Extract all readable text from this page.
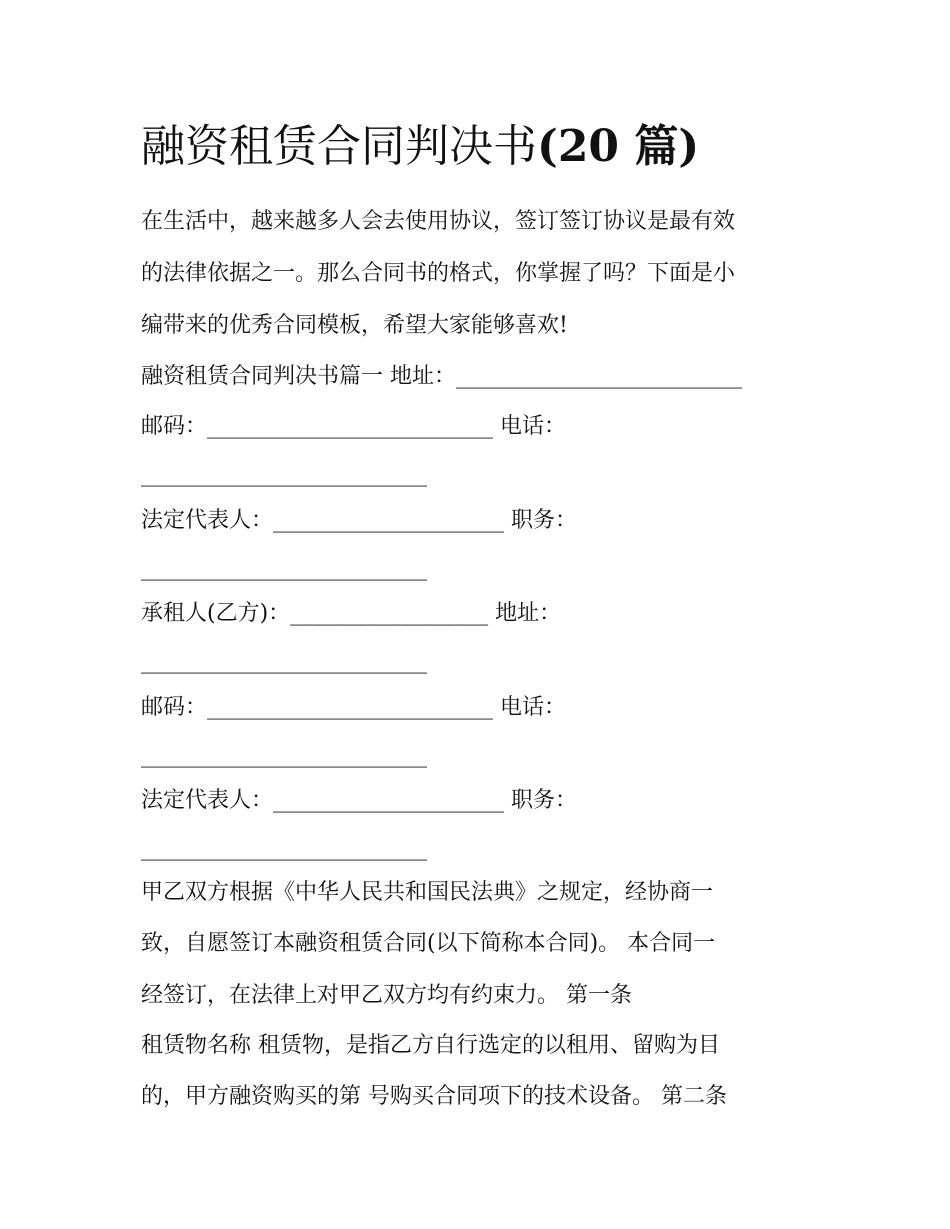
融资租赁合同判决书(20 篇)
在生活中，越来越多人会去使用协议，签订签订协议是最有效
的法律依据之一。那么合同书的格式，你掌握了吗？下面是小
编带来的优秀合同模板，希望大家能够喜欢!
融资租赁合同判决书篇一 地址：__________________________
邮码：__________________________ 电话：
__________________________
法定代表人：_____________________ 职务：
__________________________
承租人(乙方)：__________________ 地址：
__________________________
邮码：__________________________ 电话：
__________________________
法定代表人：_____________________ 职务：
__________________________
甲乙双方根据《中华人民共和国民法典》之规定，经协商一
致，自愿签订本融资租赁合同(以下简称本合同)。 本合同一
经签订，在法律上对甲乙双方均有约束力。 第一条
租赁物名称 租赁物，是指乙方自行选定的以租用、留购为目
的，甲方融资购买的第 号购买合同项下的技术设备。 第二条
